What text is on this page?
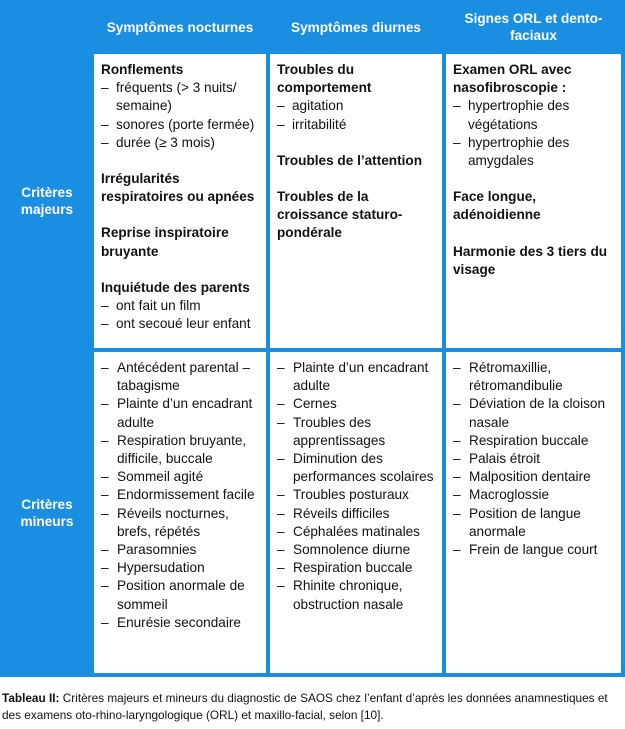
Symptômes nocturnes	Symptômes diurnes
Signes ORL et dento-
faciaux
Critères
majeurs
Critères
mineurs
Ronflements
– fréquents (> 3 nuits/ semaine)
– sonores (porte fermée)
– durée (≥ 3 mois)
Irrégularités respiratoires ou apnées
Reprise inspiratoire bruyante
Inquiétude des parents
– ont fait un film
– ont secoué leur enfant
Troubles du comportement
– agitation
– irritabilité
Troubles de l’attention
Troubles de la croissance staturo-pondérale
Examen ORL avec nasofibroscopie :
– hypertrophie des végétations
– hypertrophie des amygdales
Face longue, adénoidienne
Harmonie des 3 tiers du visage
– Antécédent parental – tabagisme
– Plainte d’un encadrant adulte
– Respiration bruyante, difficile, buccale
– Sommeil agité
– Endormissement facile
– Réveils nocturnes, brefs, répétés
– Parasomnies
– Hypersudation
– Position anormale de sommeil
– Enurésie secondaire
– Plainte d’un encadrant adulte
– Cernes
– Troubles des apprentissages
– Diminution des performances scolaires
– Troubles posturaux
– Réveils difficiles
– Céphalées matinales
– Somnolence diurne
– Respiration buccale
– Rhinite chronique, obstruction nasale
– Rétromaxillie, rétromandibulie
– Déviation de la cloison nasale
– Respiration buccale
– Palais étroit
– Malposition dentaire
– Macroglossie
– Position de langue anormale
– Frein de langue court
Tableau II: Critères majeurs et mineurs du diagnostic de SAOS chez l’enfant d’après les données anamnestiques et des examens oto-rhino-laryngologique (ORL) et maxillo-facial, selon [10].
